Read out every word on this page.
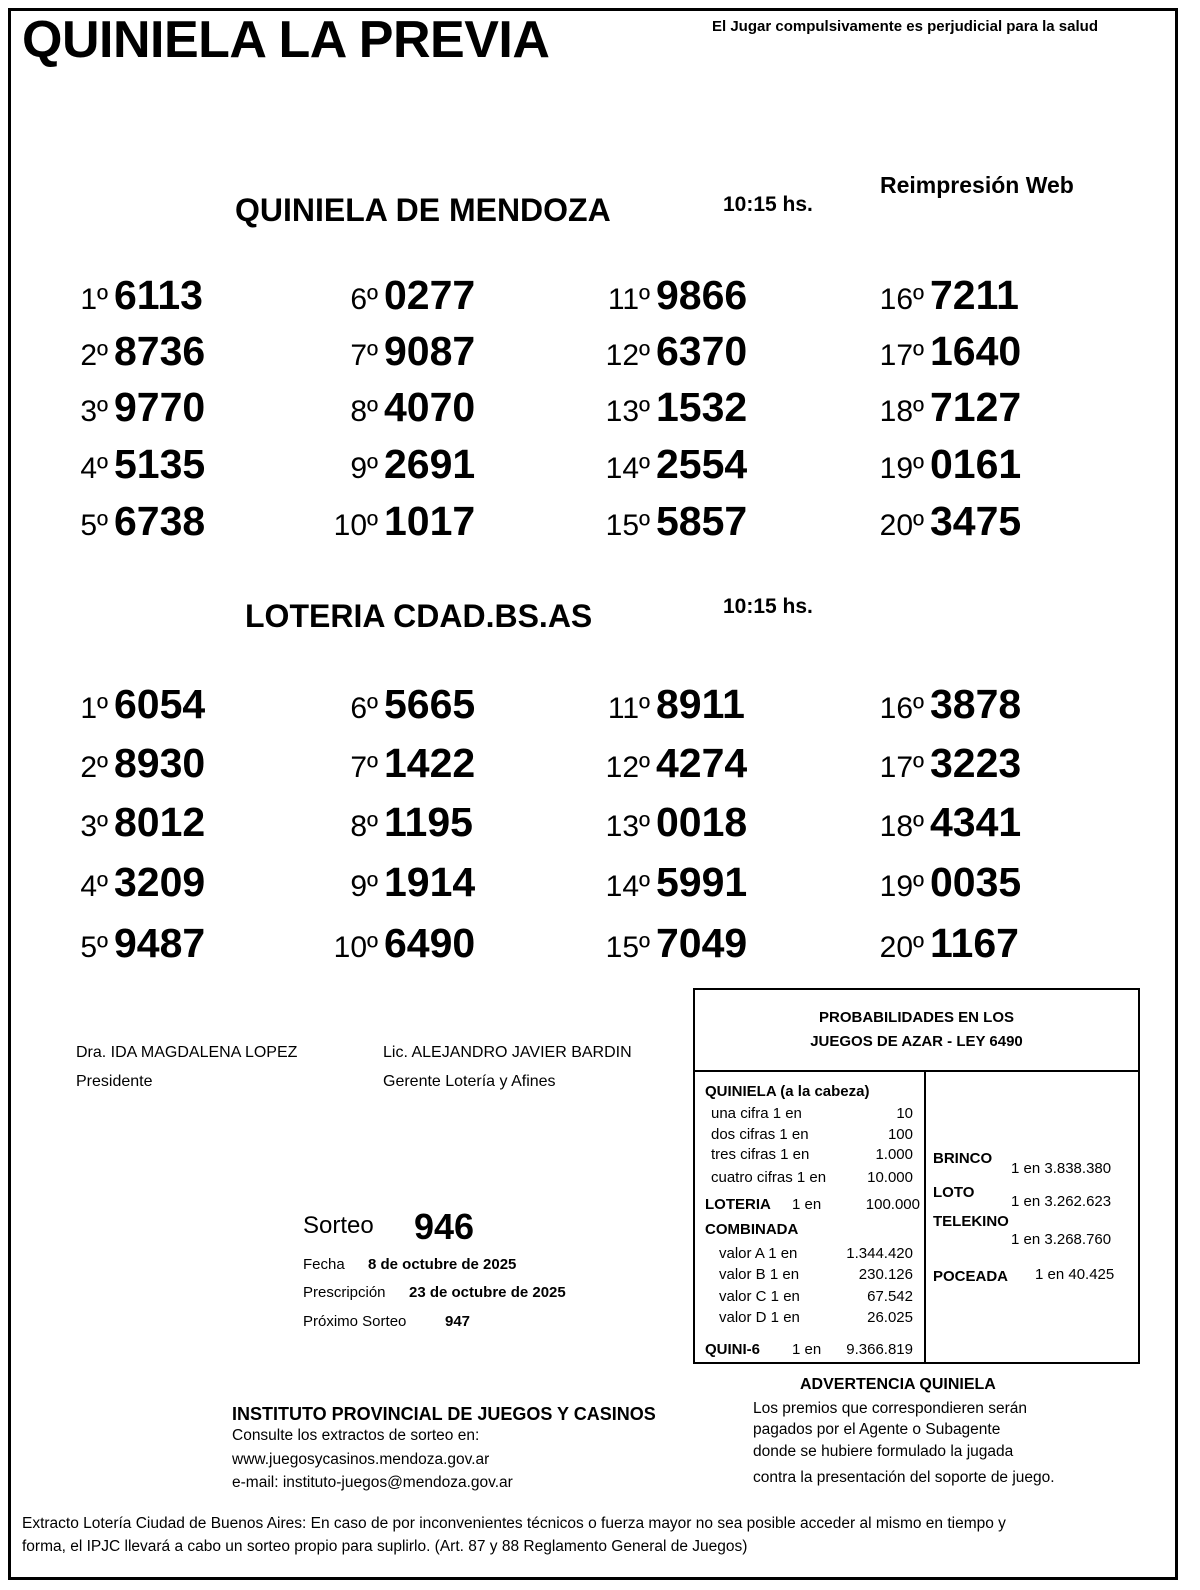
QUINIELA LA PREVIA	El Jugar compulsivamente es perjudicial para la salud
Reimpresión Web
QUINIELA DE MENDOZA	10:15 hs.
1º 6113
2º 8736
3º 9770
4º 5135
5º 6738
6º 0277
7º 9087
8º 4070
9º 2691
10º 1017
11º 9866
12º 6370
13º 1532
14º 2554
15º 5857
16º 7211
17º 1640
18º 7127
19º 0161
20º 3475
LOTERIA CDAD.BS.AS	10:15 hs.
1º 6054
2º 8930
3º 8012
4º 3209
5º 9487
6º 5665
7º 1422
8º 1195
9º 1914
10º 6490
11º 8911
12º 4274
13º 0018
14º 5991
15º 7049
16º 3878
17º 3223
18º 4341
19º 0035
20º 1167
Dra. IDA MAGDALENA LOPEZ
Presidente
Lic. ALEJANDRO JAVIER BARDIN
Gerente Lotería y Afines
Sorteo 946
Fecha 8 de octubre de 2025
Prescripción 23 de octubre de 2025
Próximo Sorteo	947
PROBABILIDADES EN LOS
JUEGOS DE AZAR - LEY 6490
QUINIELA (a la cabeza)
una cifra 1 en	10
dos cifras 1 en	100
tres cifras 1 en	1.000
cuatro cifras 1 en	10.000
LOTERIA 1 en	100.000
COMBINADA
valor A 1 en	1.344.420
valor B 1 en	230.126
valor C 1 en	67.542
valor D 1 en	26.025
QUINI-6 1 en 9.366.819
BRINCO
1 en 3.838.380
LOTO
1 en 3.262.623
TELEKINO
1 en 3.268.760
POCEADA 1 en 40.425
ADVERTENCIA QUINIELA
Los premios que correspondieren serán
pagados por el Agente o Subagente
donde se hubiere formulado la jugada
contra la presentación del soporte de juego.
INSTITUTO PROVINCIAL DE JUEGOS Y CASINOS
Consulte los extractos de sorteo en:
www.juegosycasinos.mendoza.gov.ar
e-mail: instituto-juegos@mendoza.gov.ar
Extracto Lotería Ciudad de Buenos Aires: En caso de por inconvenientes técnicos o fuerza mayor no sea posible acceder al mismo en tiempo y
forma, el IPJC llevará a cabo un sorteo propio para suplirlo. (Art. 87 y 88 Reglamento General de Juegos)
